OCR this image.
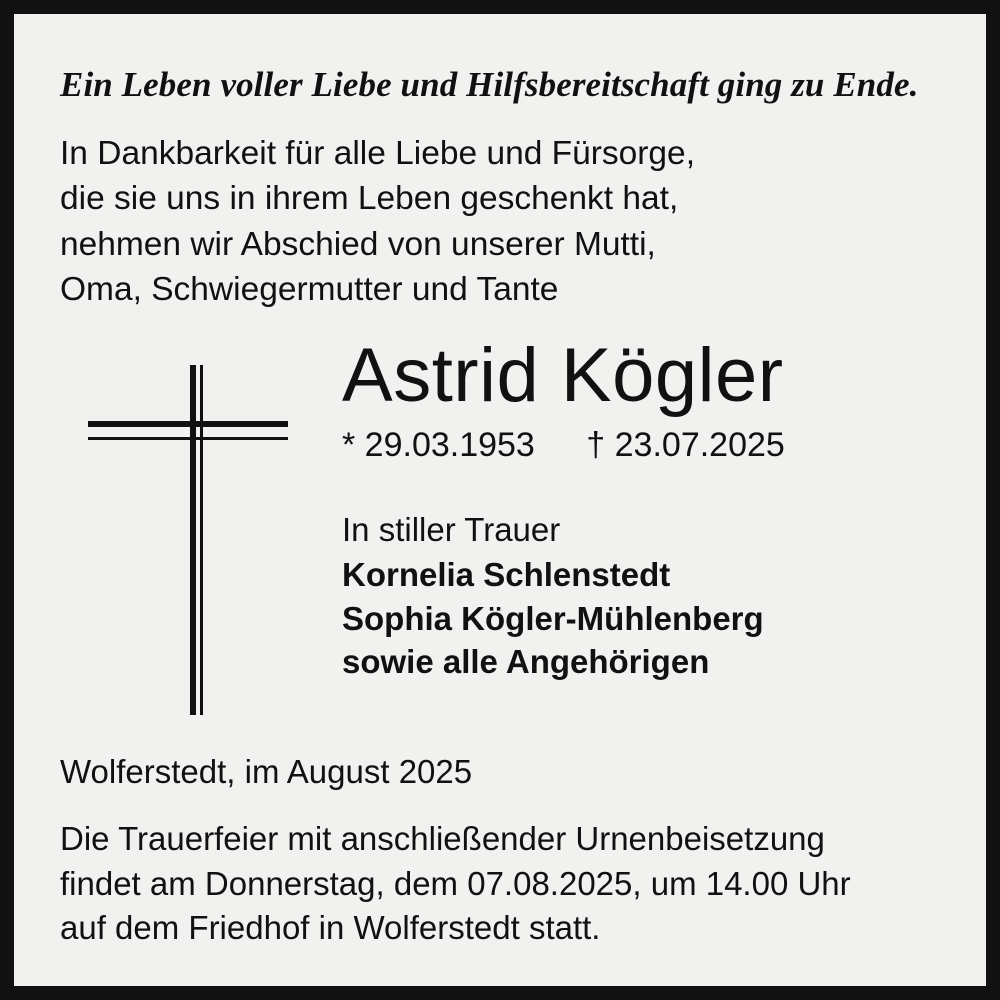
Ein Leben voller Liebe und Hilfsbereitschaft ging zu Ende.
In Dankbarkeit für alle Liebe und Fürsorge,
die sie uns in ihrem Leben geschenkt hat,
nehmen wir Abschied von unserer Mutti,
Oma, Schwiegermutter und Tante
Astrid Kögler
* 29.03.1953 † 23.07.2025
In stiller Trauer
Kornelia Schlenstedt
Sophia Kögler-Mühlenberg
sowie alle Angehörigen
Wolferstedt, im August 2025
Die Trauerfeier mit anschließender Urnenbeisetzung
findet am Donnerstag, dem 07.08.2025, um 14.00 Uhr
auf dem Friedhof in Wolferstedt statt.
